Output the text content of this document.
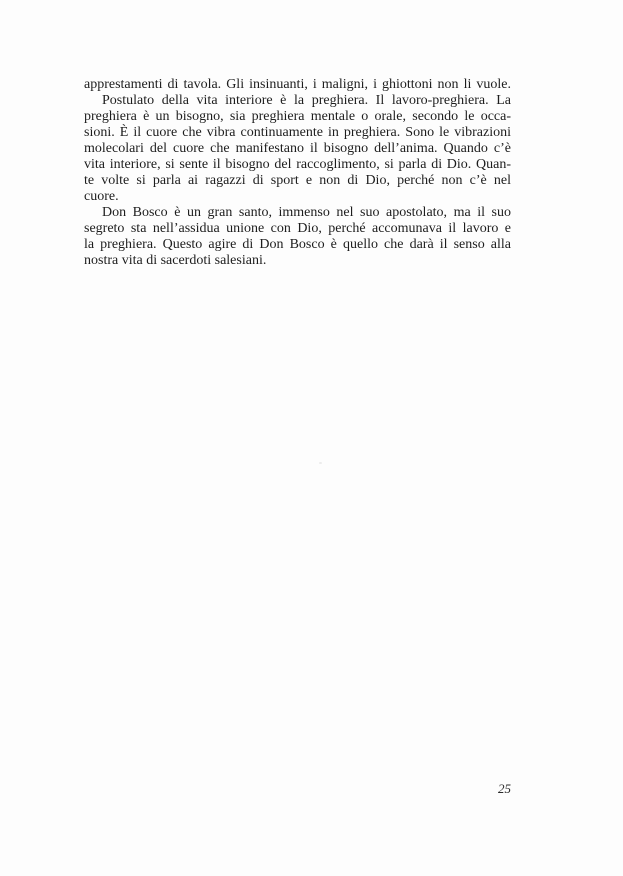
apprestamenti di tavola. Gli insinuanti, i maligni, i ghiottoni non li vuole.
Postulato della vita interiore è la preghiera. Il lavoro-preghiera. La
preghiera è un bisogno, sia preghiera mentale o orale, secondo le occa-
sioni. È il cuore che vibra continuamente in preghiera. Sono le vibrazioni
molecolari del cuore che manifestano il bisogno dell’anima. Quando c’è
vita interiore, si sente il bisogno del raccoglimento, si parla di Dio. Quan-
te volte si parla ai ragazzi di sport e non di Dio, perché non c’è nel
cuore.
Don Bosco è un gran santo, immenso nel suo apostolato, ma il suo
segreto sta nell’assidua unione con Dio, perché accomunava il lavoro e
la preghiera. Questo agire di Don Bosco è quello che darà il senso alla
nostra vita di sacerdoti salesiani.
25
